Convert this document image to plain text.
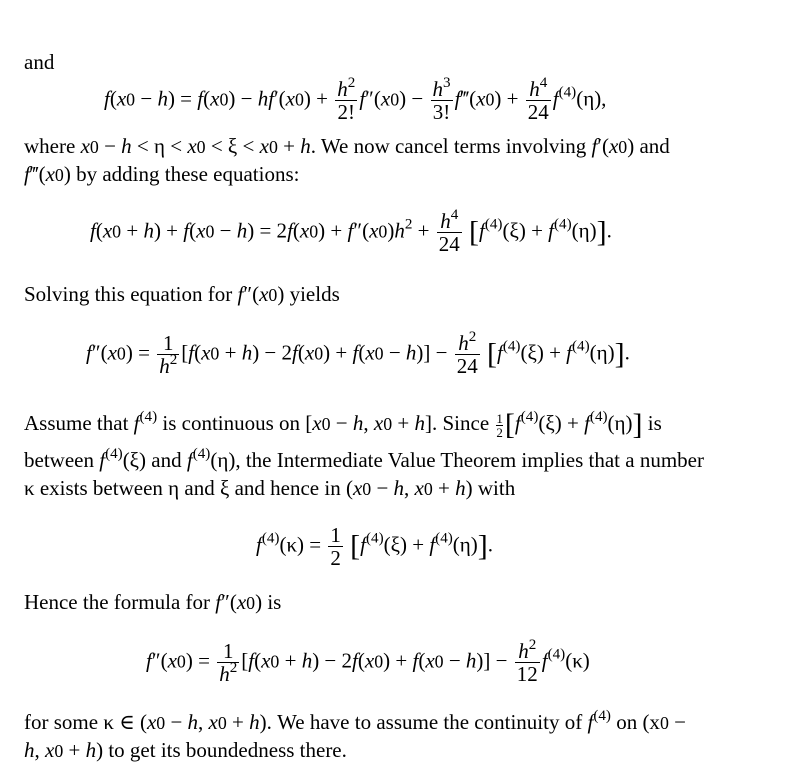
and
$f(x0 - h) = f(x0) - hf'(x0) + \frac{h^2}{2!} f''(x0) - \frac{h^3}{3!}$ f‴(x0) + $\frac{h^4}{24} f^{(4)}(\eta)$,
where x0 − h < η < x0 < ξ < x0 + h. We now cancel terms involving f′(x0) and
f‴(x0) by adding these equations:
$f(x0 + h) + f(x0 - h) = 2f(x0) + f''(x0)h^2 + \frac{h^4}{24} [f^{(4)}(\xi) + f^{(4)}(\eta)]$.
Solving this equation for f″(x0) yields
$f''(x0) = \frac{1}{h^2} [f(x0 + h) - 2f(x0) + f(x0 - h)] - \frac{h^2}{24} [f^{(4)}(\xi) + f^{(4)}(\eta)]$.
Assume that $f^{(4)}$ is continuous on [x0 − h, x0 + h]. Since $\frac{1}{2} [f^{(4)}(\xi) + f^{(4)}(\eta)]$ is
between $f^{(4)}(\xi)$ and $f^{(4)}(\eta)$, the Intermediate Value Theorem implies that a number
κ exists between η and ξ and hence in (x0 − h, x0 + h) with
$f^{(4)}(\kappa) = \frac{1}{2} [f^{(4)}(\xi) + f^{(4)}(\eta)]$.
Hence the formula for f″(x0) is
$f''(x0) = \frac{1}{h^2} [f(x0 + h) - 2f(x0) + f(x0 - h)] - \frac{h^2}{12} f^{(4)}(\kappa)$
for some κ ∈ (x0 − h, x0 + h). We have to assume the continuity of $f^{(4)}$ on (x0 −
h, x0 + h) to get its boundedness there.
